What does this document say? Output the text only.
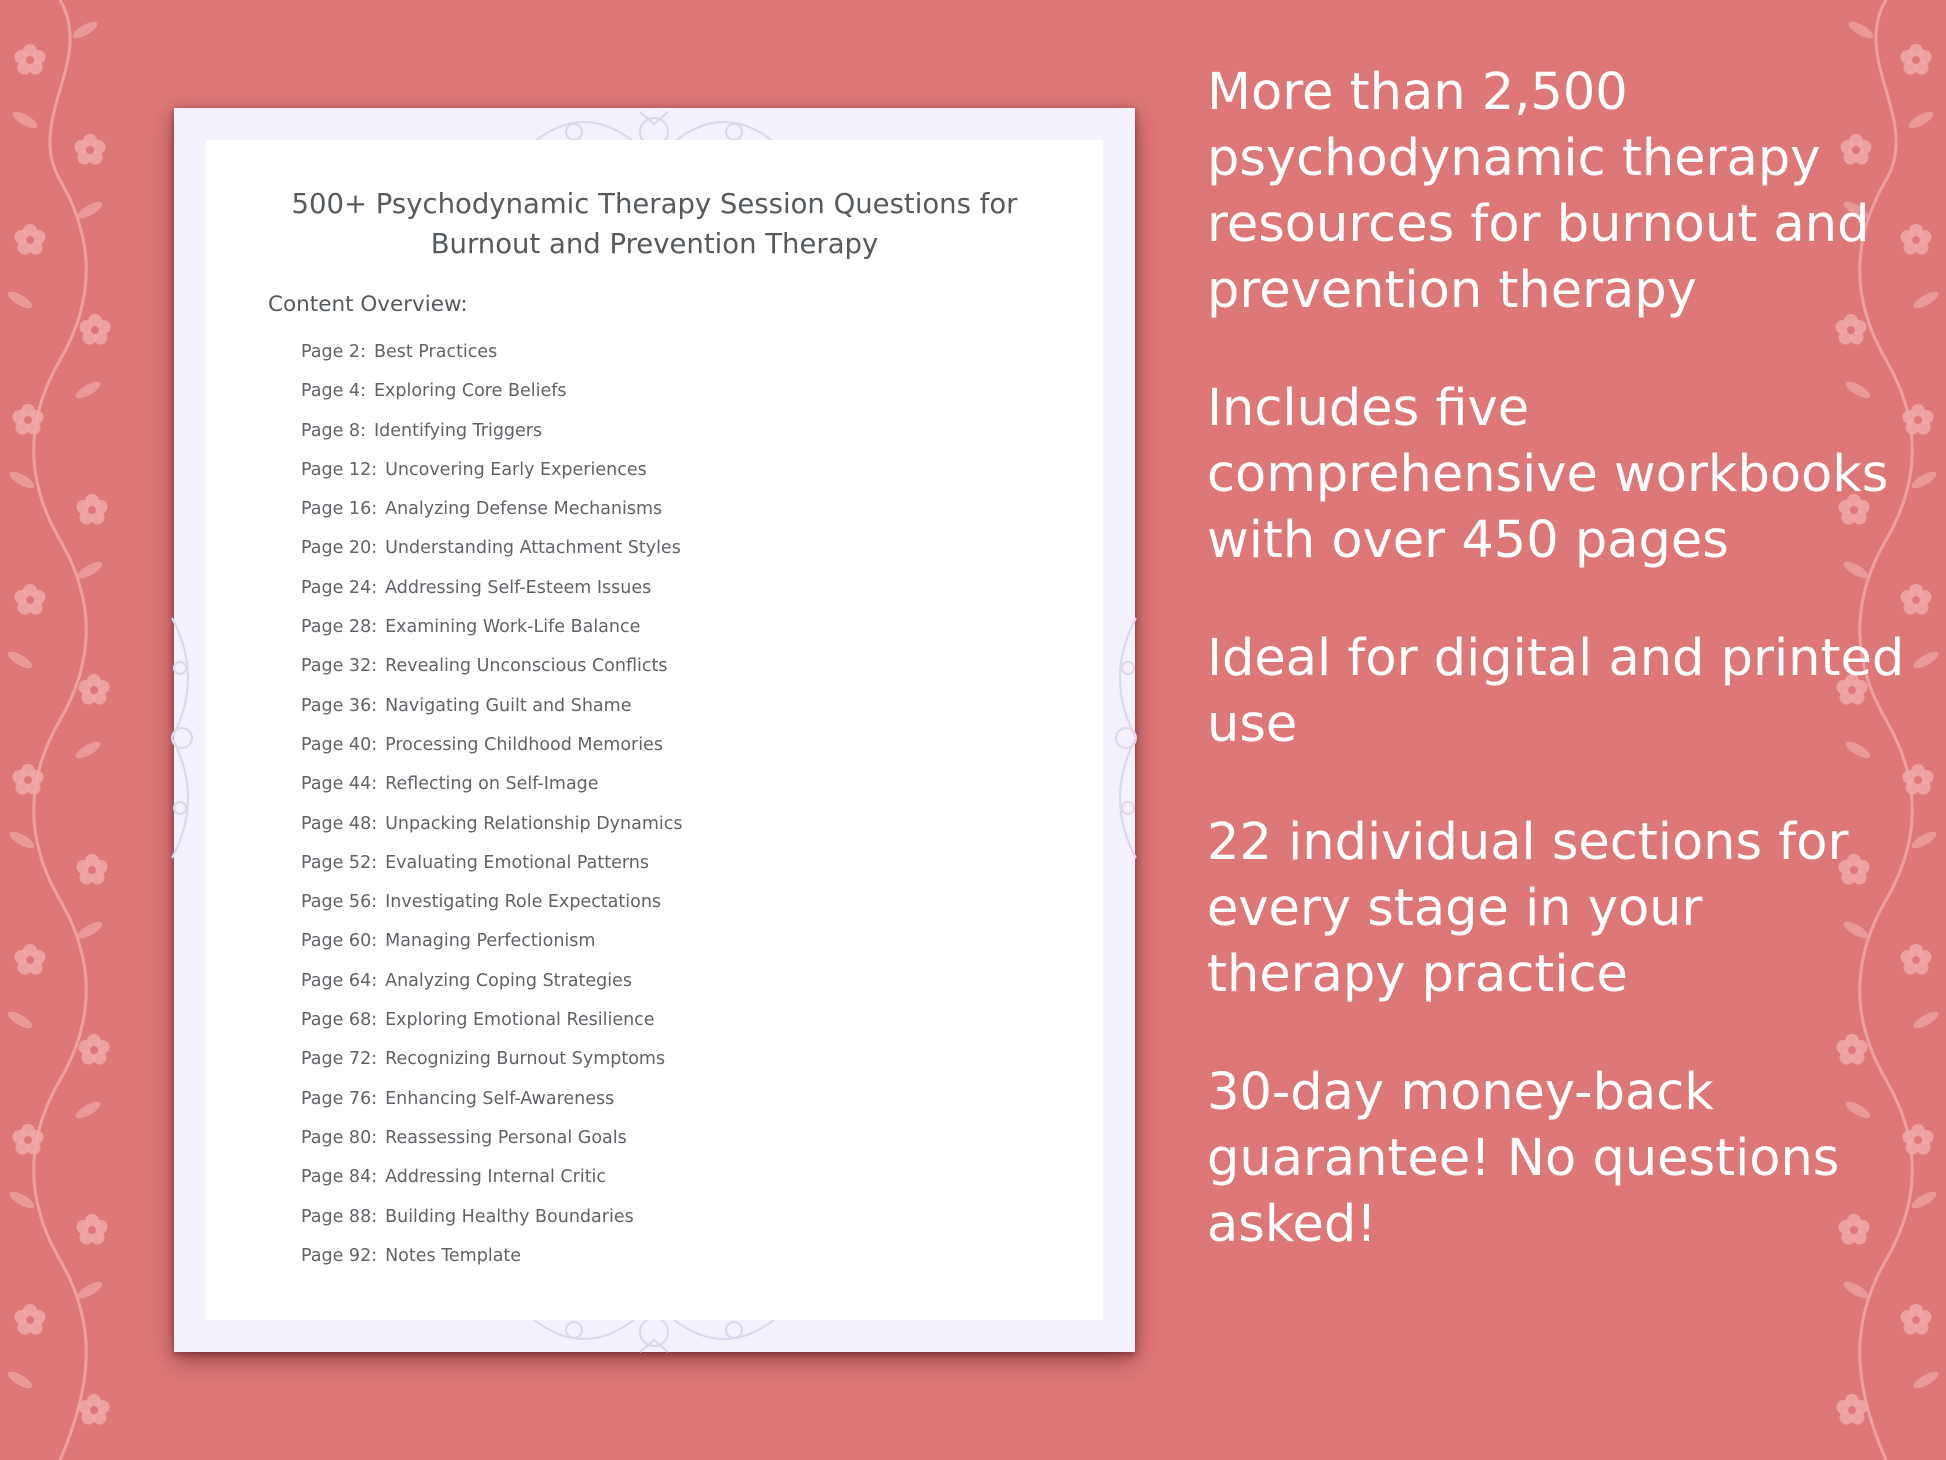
500+ Psychodynamic Therapy Session Questions for
Burnout and Prevention Therapy
Content Overview:
Page 2: Best Practices
Page 4: Exploring Core Beliefs
Page 8: Identifying Triggers
Page 12: Uncovering Early Experiences
Page 16: Analyzing Defense Mechanisms
Page 20: Understanding Attachment Styles
Page 24: Addressing Self-Esteem Issues
Page 28: Examining Work-Life Balance
Page 32: Revealing Unconscious Conflicts
Page 36: Navigating Guilt and Shame
Page 40: Processing Childhood Memories
Page 44: Reflecting on Self-Image
Page 48: Unpacking Relationship Dynamics
Page 52: Evaluating Emotional Patterns
Page 56: Investigating Role Expectations
Page 60: Managing Perfectionism
Page 64: Analyzing Coping Strategies
Page 68: Exploring Emotional Resilience
Page 72: Recognizing Burnout Symptoms
Page 76: Enhancing Self-Awareness
Page 80: Reassessing Personal Goals
Page 84: Addressing Internal Critic
Page 88: Building Healthy Boundaries
Page 92: Notes Template
More than 2,500 psychodynamic therapy resources for burnout and prevention therapy
Includes five comprehensive workbooks with over 450 pages
Ideal for digital and printed use
22 individual sections for every stage in your therapy practice
30-day money-back guarantee! No questions asked!
